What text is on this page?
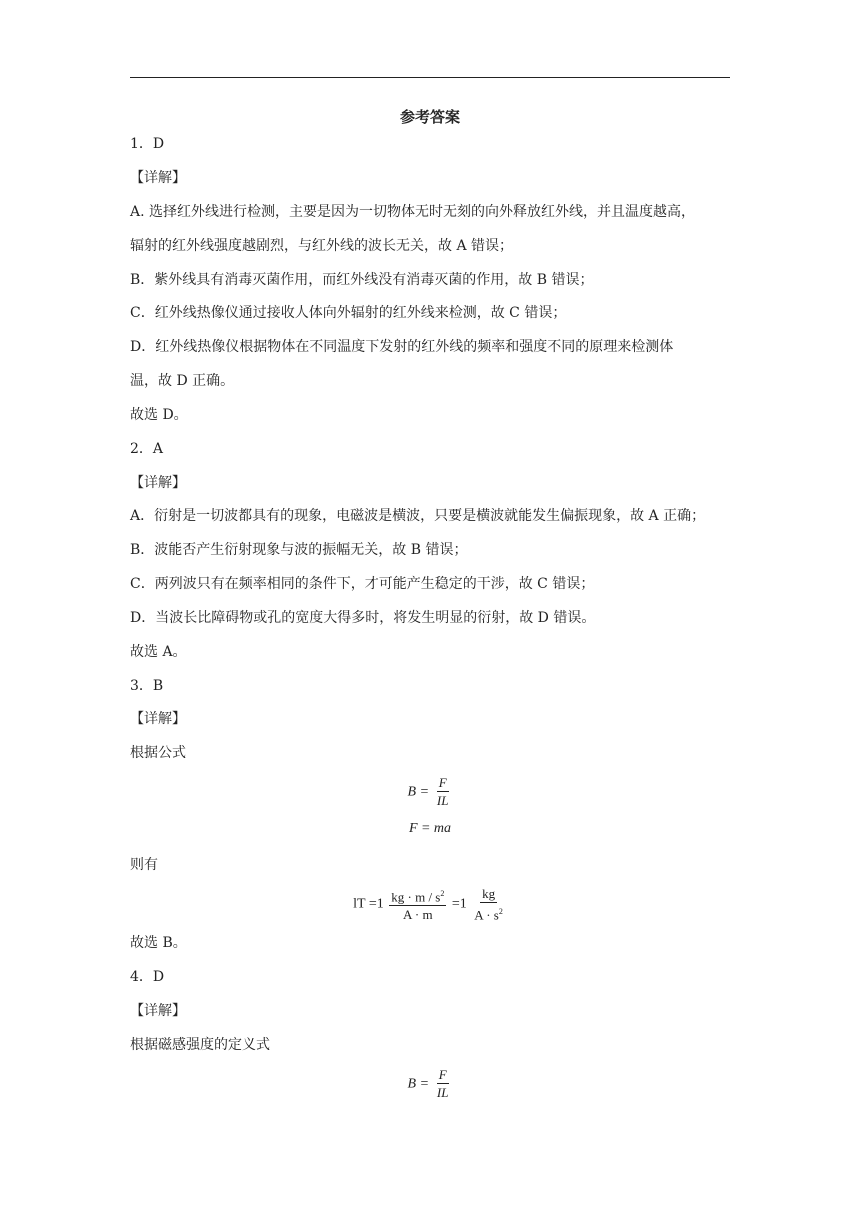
参考答案
1．D
【详解】
A. 选择红外线进行检测，主要是因为一切物体无时无刻的向外释放红外线，并且温度越高，
辐射的红外线强度越剧烈，与红外线的波长无关，故 A 错误；
B．紫外线具有消毒灭菌作用，而红外线没有消毒灭菌的作用，故 B 错误；
C．红外线热像仪通过接收人体向外辐射的红外线来检测，故 C 错误；
D．红外线热像仪根据物体在不同温度下发射的红外线的频率和强度不同的原理来检测体
温，故 D 正确。
故选 D。
2．A
【详解】
A．衍射是一切波都具有的现象，电磁波是横波，只要是横波就能发生偏振现象，故 A 正确；
B．波能否产生衍射现象与波的振幅无关，故 B 错误；
C．两列波只有在频率相同的条件下，才可能产生稳定的干涉，故 C 错误；
D．当波长比障碍物或孔的宽度大得多时，将发生明显的衍射，故 D 错误。
故选 A。
3．B
【详解】
根据公式
$B = \frac{F}{IL}$
F = ma
则有
lT $=1 \frac{kg \cdot m / s^2}{A \cdot m} =1 \frac{kg}{A \cdot s^2}$
故选 B。
4．D
【详解】
根据磁感强度的定义式
$B = \frac{F}{IL}$
